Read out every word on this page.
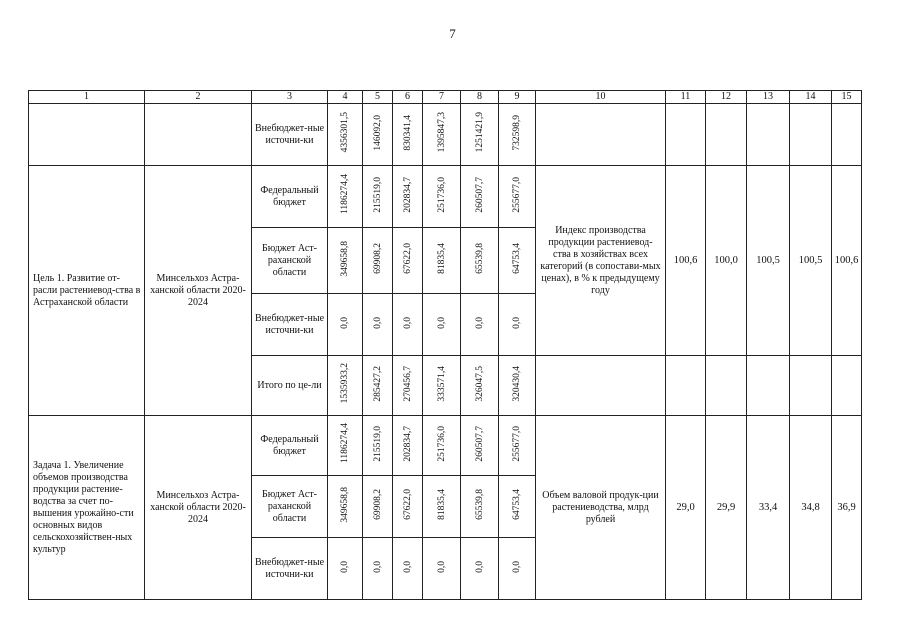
7
1	2	3	4	5	6	7	8	9	10	11	12	13	14	15
		Внебюджет-ные источни-ки	4356301,5	146092,0	830341,4	1395847,3	1251421,9	732598,9						
Цель 1. Развитие от-расли растениевод-ства в Астраханской области	Минсельхоз Астра-ханской области 2020-2024	Федеральный бюджет	1186274,4	215519,0	202834,7	251736,0	260507,7	255677,0	Индекс производства продукции растениевод-ства в хозяйствах всех категорий (в сопостави-мых ценах), в % к предыдущему году	100,6	100,0	100,5	100,5	100,6
		Бюджет Аст-раханской области	349658,8	69908,2	67622,0	81835,4	65539,8	64753,4						
		Внебюджет-ные источни-ки	0,0	0,0	0,0	0,0	0,0	0,0						
		Итого по це-ли	1535933,2	285427,2	270456,7	333571,4	326047,5	320430,4						
Задача 1. Увеличение объемов производства продукции растение-водства за счет по-вышения урожайно-сти основных видов сельскохозяйствен-ных культур	Минсельхоз Астра-ханской области 2020-2024	Федеральный бюджет	1186274,4	215519,0	202834,7	251736,0	260507,7	255677,0	Объем валовой продук-ции растениеводства, млрд рублей	29,0	29,9	33,4	34,8	36,9
		Бюджет Аст-раханской области	349658,8	69908,2	67622,0	81835,4	65539,8	64753,4						
		Внебюджет-ные источни-ки	0,0	0,0	0,0	0,0	0,0	0,0						
